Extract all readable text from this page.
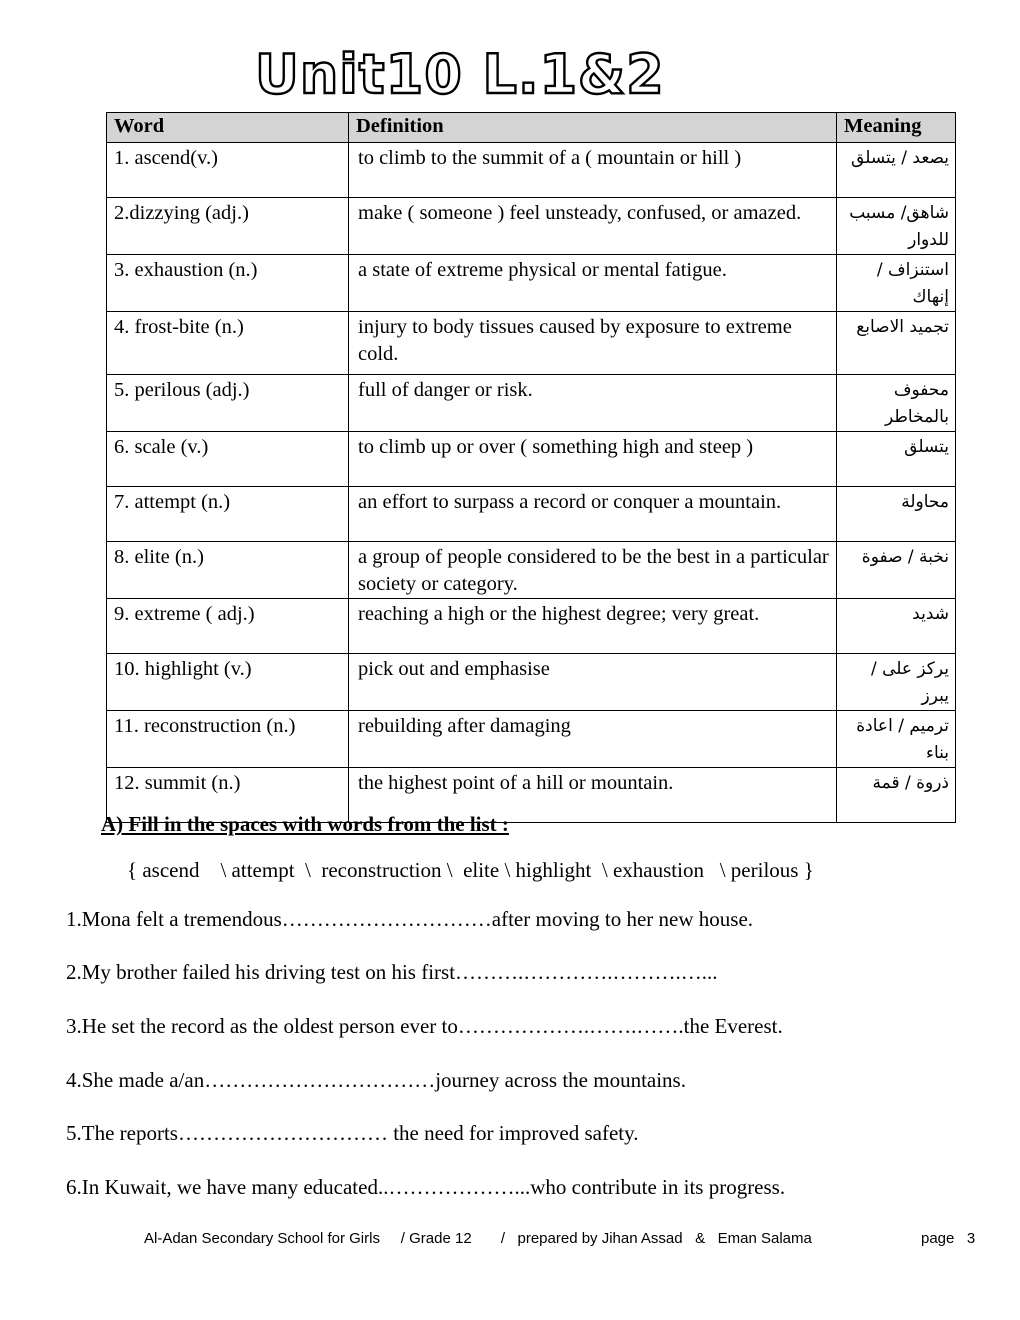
Unit10 L.1&2
Word	Definition	Meaning
1. ascend(v.)	to climb to the summit of a ( mountain or hill )	يصعد / يتسلق
2.dizzying (adj.)	make ( someone ) feel unsteady, confused, or amazed.	شاهق/ مسبب للدوار
3. exhaustion (n.)	a state of extreme physical or mental fatigue.	استنزاف /إنهاك
4. frost-bite (n.)	injury to body tissues caused by exposure to extreme cold.	تجميد الاصابع
5. perilous (adj.)	full of danger or risk.	محفوف بالمخاطر
6. scale (v.)	to climb up or over ( something high and steep )	يتسلق
7. attempt (n.)	an effort to surpass a record or conquer a mountain.	محاولة
8. elite (n.)	a group of people considered to be the best in a particular society or category.	نخبة / صفوة
9. extreme ( adj.)	reaching a high or the highest degree; very great.	شديد
10. highlight (v.)	pick out and emphasise	يركز على / يبرز
11. reconstruction (n.)	rebuilding after damaging	ترميم / اعادة بناء
12. summit (n.)	the highest point of a hill or mountain.	ذروة / قمة
A) Fill in the spaces with words from the list :
{ ascend    \ attempt  \  reconstruction \  elite \ highlight  \ exhaustion   \ perilous }
1.Mona felt a tremendous…………………………after moving to her new house.
2.My brother failed his driving test on his first……….………….……….…...
3.He set the record as the oldest person ever to……………….…….…….the Everest.
4.She made a/an……………………………journey across the mountains.
5.The reports………………………… the need for improved safety.
6.In Kuwait, we have many educated..………………...who contribute in its progress.
Al-Adan Secondary School for Girls     / Grade 12       /   prepared by Jihan Assad   &   Eman Salama	page   3
